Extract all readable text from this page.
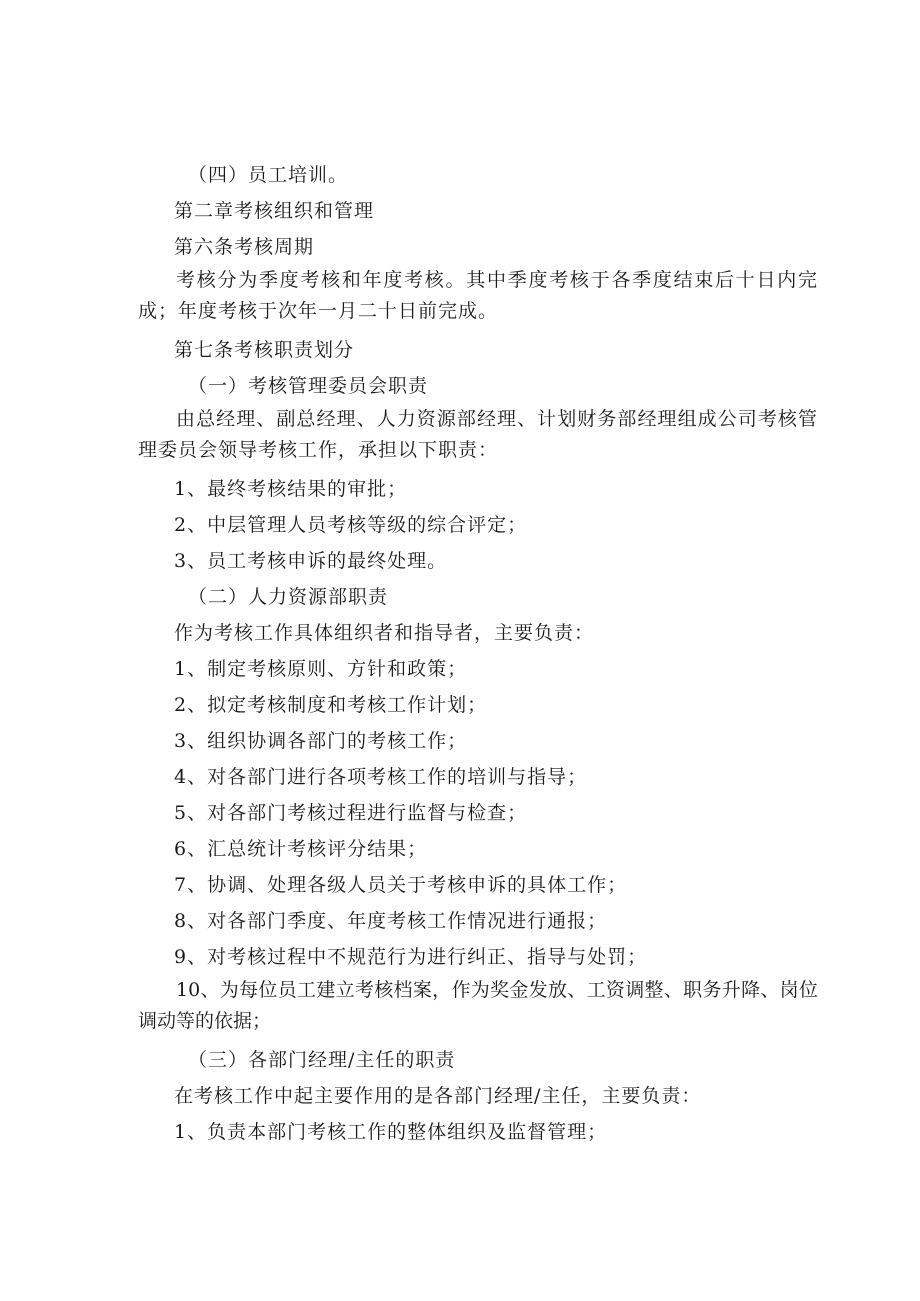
（四）员工培训。
第二章考核组织和管理
第六条考核周期
考核分为季度考核和年度考核。其中季度考核于各季度结束后十日内完成；年度考核于次年一月二十日前完成。
第七条考核职责划分
（一）考核管理委员会职责
由总经理、副总经理、人力资源部经理、计划财务部经理组成公司考核管理委员会领导考核工作，承担以下职责：
1、最终考核结果的审批；
2、中层管理人员考核等级的综合评定；
3、员工考核申诉的最终处理。
（二）人力资源部职责
作为考核工作具体组织者和指导者，主要负责：
1、制定考核原则、方针和政策；
2、拟定考核制度和考核工作计划；
3、组织协调各部门的考核工作；
4、对各部门进行各项考核工作的培训与指导；
5、对各部门考核过程进行监督与检查；
6、汇总统计考核评分结果；
7、协调、处理各级人员关于考核申诉的具体工作；
8、对各部门季度、年度考核工作情况进行通报；
9、对考核过程中不规范行为进行纠正、指导与处罚；
10、为每位员工建立考核档案，作为奖金发放、工资调整、职务升降、岗位调动等的依据；
（三）各部门经理/主任的职责
在考核工作中起主要作用的是各部门经理/主任，主要负责：
1、负责本部门考核工作的整体组织及监督管理；
